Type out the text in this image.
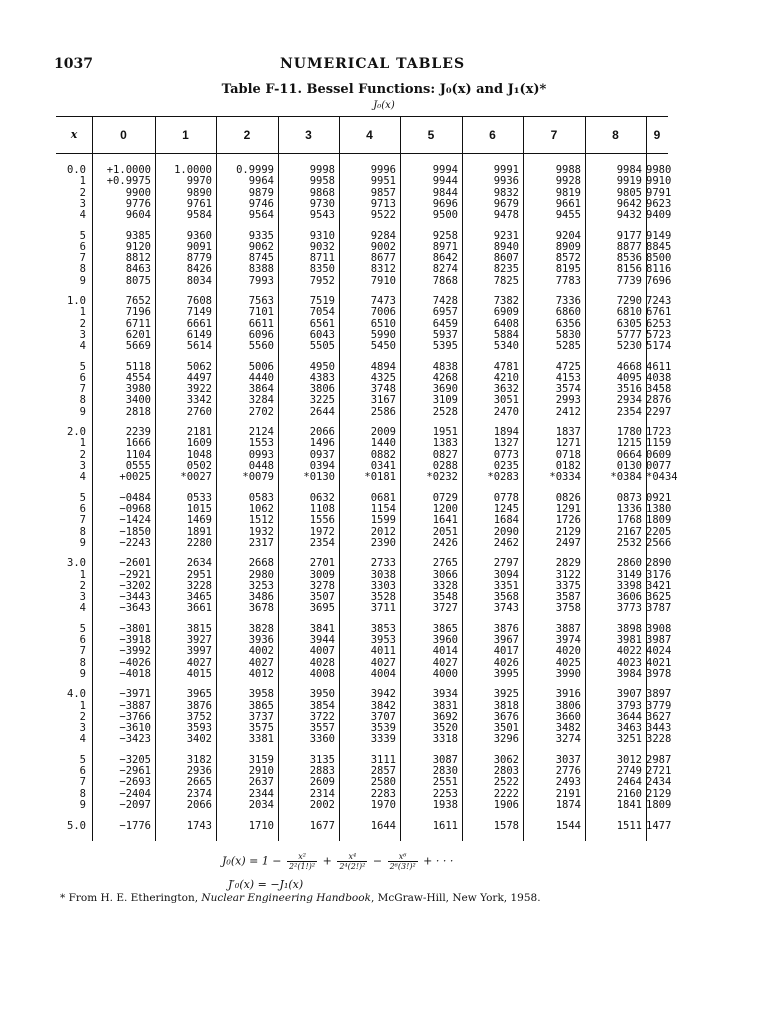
1037	NUMERICAL TABLES
Table F-11. Bessel Functions: J₀(x) and J₁(x)*
J₀(x)
x	0	1	2	3	4	5	6	7	8	9
0.0	+1.0000	1.0000	0.9999	9998	9996	9994	9991	9988	9984 9980
1	+0.9975	9970	9964	9958	9951	9944	9936	9928	9919 9910
2	9900	9890	9879	9868	9857	9844	9832	9819	9805 9791
3	9776	9761	9746	9730	9713	9696	9679	9661	9642 9623
4	9604	9584	9564	9543	9522	9500	9478	9455	9432 9409
5	9385	9360	9335	9310	9284	9258	9231	9204	9177 9149
6	9120	9091	9062	9032	9002	8971	8940	8909	8877 8845
7	8812	8779	8745	8711	8677	8642	8607	8572	8536 8500
8	8463	8426	8388	8350	8312	8274	8235	8195	8156 8116
9	8075	8034	7993	7952	7910	7868	7825	7783	7739 7696
1.0	7652	7608	7563	7519	7473	7428	7382	7336	7290 7243
1	7196	7149	7101	7054	7006	6957	6909	6860	6810 6761
2	6711	6661	6611	6561	6510	6459	6408	6356	6305 6253
3	6201	6149	6096	6043	5990	5937	5884	5830	5777 5723
4	5669	5614	5560	5505	5450	5395	5340	5285	5230 5174
5	5118	5062	5006	4950	4894	4838	4781	4725	4668 4611
6	4554	4497	4440	4383	4325	4268	4210	4153	4095 4038
7	3980	3922	3864	3806	3748	3690	3632	3574	3516 3458
8	3400	3342	3284	3225	3167	3109	3051	2993	2934 2876
9	2818	2760	2702	2644	2586	2528	2470	2412	2354 2297
2.0	2239	2181	2124	2066	2009	1951	1894	1837	1780 1723
1	1666	1609	1553	1496	1440	1383	1327	1271	1215 1159
2	1104	1048	0993	0937	0882	0827	0773	0718	0664 0609
3	0555	0502	0448	0394	0341	0288	0235	0182	0130 0077
4	+0025	*0027	*0079	*0130	*0181	*0232	*0283	*0334	*0384 *0434
5	−0484	0533	0583	0632	0681	0729	0778	0826	0873 0921
6	−0968	1015	1062	1108	1154	1200	1245	1291	1336 1380
7	−1424	1469	1512	1556	1599	1641	1684	1726	1768 1809
8	−1850	1891	1932	1972	2012	2051	2090	2129	2167 2205
9	−2243	2280	2317	2354	2390	2426	2462	2497	2532 2566
3.0	−2601	2634	2668	2701	2733	2765	2797	2829	2860 2890
1	−2921	2951	2980	3009	3038	3066	3094	3122	3149 3176
2	−3202	3228	3253	3278	3303	3328	3351	3375	3398 3421
3	−3443	3465	3486	3507	3528	3548	3568	3587	3606 3625
4	−3643	3661	3678	3695	3711	3727	3743	3758	3773 3787
5	−3801	3815	3828	3841	3853	3865	3876	3887	3898 3908
6	−3918	3927	3936	3944	3953	3960	3967	3974	3981 3987
7	−3992	3997	4002	4007	4011	4014	4017	4020	4022 4024
8	−4026	4027	4027	4028	4027	4027	4026	4025	4023 4021
9	−4018	4015	4012	4008	4004	4000	3995	3990	3984 3978
4.0	−3971	3965	3958	3950	3942	3934	3925	3916	3907 3897
1	−3887	3876	3865	3854	3842	3831	3818	3806	3793 3779
2	−3766	3752	3737	3722	3707	3692	3676	3660	3644 3627
3	−3610	3593	3575	3557	3539	3520	3501	3482	3463 3443
4	−3423	3402	3381	3360	3339	3318	3296	3274	3251 3228
5	−3205	3182	3159	3135	3111	3087	3062	3037	3012 2987
6	−2961	2936	2910	2883	2857	2830	2803	2776	2749 2721
7	−2693	2665	2637	2609	2580	2551	2522	2493	2464 2434
8	−2404	2374	2344	2314	2283	2253	2222	2191	2160 2129
9	−2097	2066	2034	2002	1970	1938	1906	1874	1841 1809
5.0	−1776	1743	1710	1677	1644	1611	1578	1544	1511 1477
$J_0(x) = 1 - \frac{\text{x²}}{\text{2²(1!)²}} + \frac{\text{x⁴}}{\text{2⁴(2!)²}} - \frac{\text{x⁶}}{\text{2⁶(3!)²}}$ + · · ·
J′₀(x) = −J₁(x)
* From H. E. Etherington, Nuclear Engineering Handbook, McGraw-Hill, New York, 1958.
